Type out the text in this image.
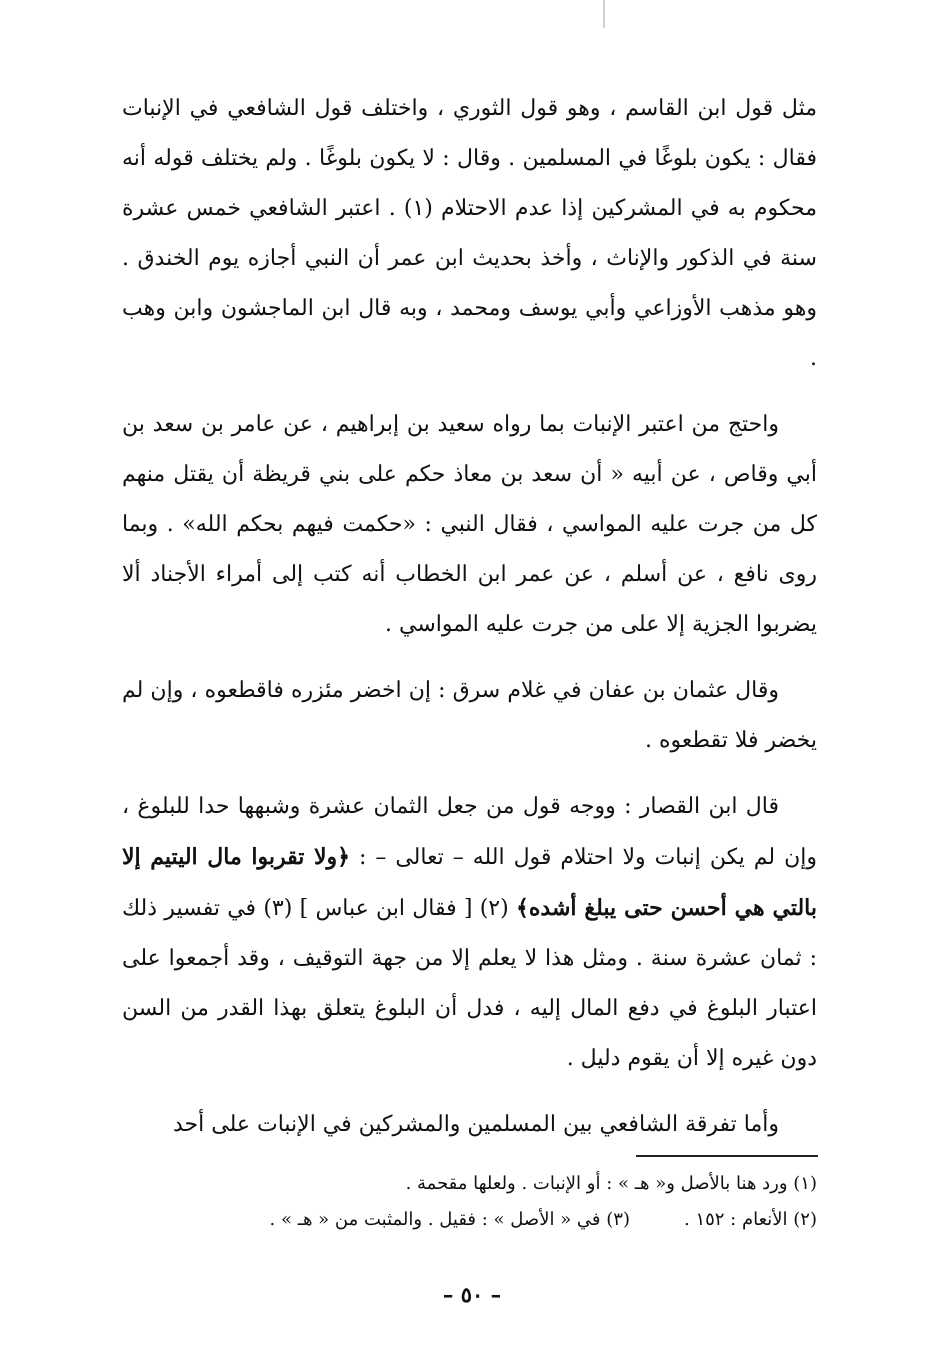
مثل قول ابن القاسم ، وهو قول الثوري ، واختلف قول الشافعي في الإنبات فقال : يكون بلوغًا في المسلمين . وقال : لا يكون بلوغًا . ولم يختلف قوله أنه محكوم به في المشركين إذا عدم الاحتلام (١) . اعتبر الشافعي خمس عشرة سنة في الذكور والإناث ، وأخذ بحديث ابن عمر أن النبي أجازه يوم الخندق . وهو مذهب الأوزاعي وأبي يوسف ومحمد ، وبه قال ابن الماجشون وابن وهب .

واحتج من اعتبر الإنبات بما رواه سعيد بن إبراهيم ، عن عامر بن سعد بن أبي وقاص ، عن أبيه « أن سعد بن معاذ حكم على بني قريظة أن يقتل منهم كل من جرت عليه المواسي ، فقال النبي : «حكمت فيهم بحكم الله» . وبما روى نافع ، عن أسلم ، عن عمر ابن الخطاب أنه كتب إلى أمراء الأجناد ألا يضربوا الجزية إلا على من جرت عليه المواسي .

وقال عثمان بن عفان في غلام سرق : إن اخضر مئزره فاقطعوه ، وإن لم يخضر فلا تقطعوه .

قال ابن القصار : ووجه قول من جعل الثمان عشرة وشبهها حدا للبلوغ ، وإن لم يكن إنبات ولا احتلام قول الله – تعالى – : ﴿ولا تقربوا مال اليتيم إلا بالتي هي أحسن حتى يبلغ أشده﴾ (٢) [ فقال ابن عباس ] (٣) في تفسير ذلك : ثمان عشرة سنة . ومثل هذا لا يعلم إلا من جهة التوقيف ، وقد أجمعوا على اعتبار البلوغ في دفع المال إليه ، فدل أن البلوغ يتعلق بهذا القدر من السن دون غيره إلا أن يقوم دليل .

وأما تفرقة الشافعي بين المسلمين والمشركين في الإنبات على أحد

(١) ورد هنا بالأصل و« هـ » : أو الإنبات . ولعلها مقحمة .
(٢) الأنعام : ١٥٢ .
(٣) في « الأصل » : فقيل . والمثبت من « هـ » .
– ٥٠ –
